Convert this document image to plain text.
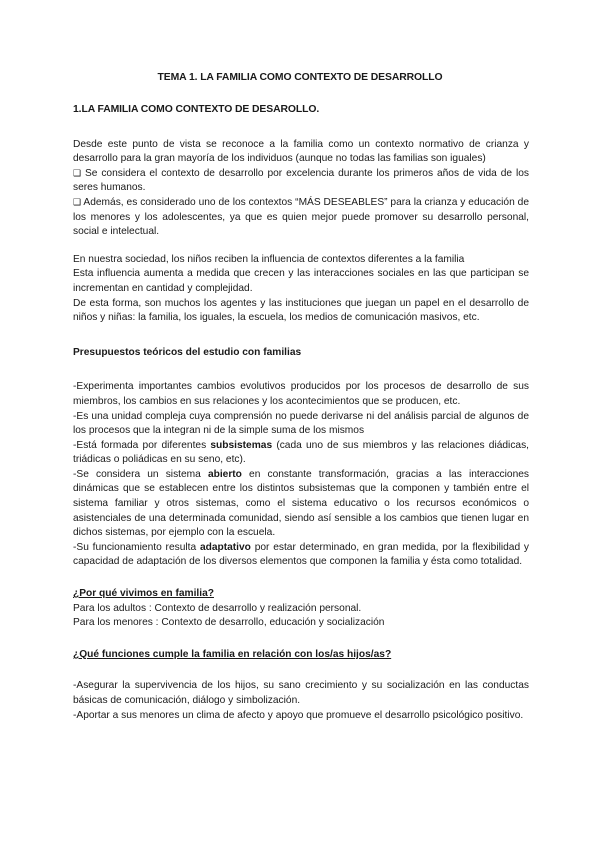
TEMA 1. LA FAMILIA COMO CONTEXTO DE DESARROLLO
1.LA FAMILIA COMO CONTEXTO DE DESAROLLO.

Desde este punto de vista se reconoce a la familia como un contexto normativo de crianza y desarrollo para la gran mayoría de los individuos (aunque no todas las familias son iguales)

❑ Se considera el contexto de desarrollo por excelencia durante los primeros años de vida de los seres humanos.

❑ Además, es considerado uno de los contextos “MÁS DESEABLES” para la crianza y educación de los menores y los adolescentes, ya que es quien mejor puede promover su desarrollo personal, social e intelectual.

En nuestra sociedad, los niños reciben la influencia de contextos diferentes a la familia

Esta influencia aumenta a medida que crecen y las interacciones sociales en las que participan se incrementan en cantidad y complejidad.

De esta forma, son muchos los agentes y las instituciones que juegan un papel en el desarrollo de niños y niñas: la familia, los iguales, la escuela, los medios de comunicación masivos, etc.

Presupuestos teóricos del estudio con familias

-Experimenta importantes cambios evolutivos producidos por los procesos de desarrollo de sus miembros, los cambios en sus relaciones y los acontecimientos que se producen, etc.

-Es una unidad compleja cuya comprensión no puede derivarse ni del análisis parcial de algunos de los procesos que la integran ni de la simple suma de los mismos

-Está formada por diferentes subsistemas (cada uno de sus miembros y las relaciones diádicas, triádicas o poliádicas en su seno, etc).

-Se considera un sistema abierto en constante transformación, gracias a las interacciones dinámicas que se establecen entre los distintos subsistemas que la componen y también entre el sistema familiar y otros sistemas, como el sistema educativo o los recursos económicos o asistenciales de una determinada comunidad, siendo así sensible a los cambios que tienen lugar en dichos sistemas, por ejemplo con la escuela.

-Su funcionamiento resulta adaptativo por estar determinado, en gran medida, por la flexibilidad y capacidad de adaptación de los diversos elementos que componen la familia y ésta como totalidad.

¿Por qué vivimos en familia?

Para los adultos : Contexto de desarrollo y realización personal.

Para los menores : Contexto de desarrollo, educación y socialización

¿Qué funciones cumple la familia en relación con los/as hijos/as?

-Asegurar la supervivencia de los hijos, su sano crecimiento y su socialización en las conductas básicas de comunicación, diálogo y simbolización.

-Aportar a sus menores un clima de afecto y apoyo que promueve el desarrollo psicológico positivo.
